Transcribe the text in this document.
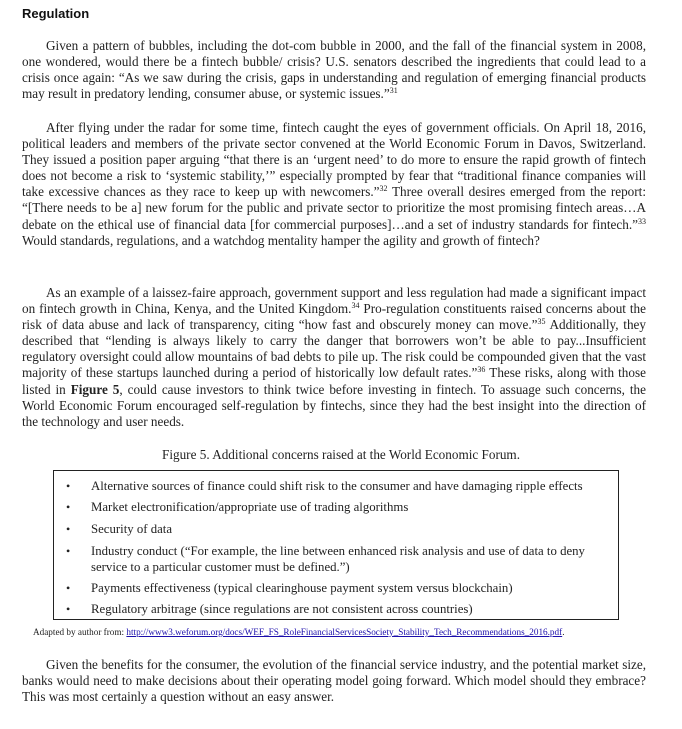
Regulation

Given a pattern of bubbles, including the dot-com bubble in 2000, and the fall of the financial system in 2008, one wondered, would there be a fintech bubble/ crisis? U.S. senators described the ingredients that could lead to a crisis once again: “As we saw during the crisis, gaps in understanding and regulation of emerging financial products may result in predatory lending, consumer abuse, or systemic issues.”$^{31}$

After flying under the radar for some time, fintech caught the eyes of government officials. On April 18, 2016, political leaders and members of the private sector convened at the World Economic Forum in Davos, Switzerland. They issued a position paper arguing “that there is an ‘urgent need’ to do more to ensure the rapid growth of fintech does not become a risk to ‘systemic stability,’” especially prompted by fear that “traditional finance companies will take excessive chances as they race to keep up with newcomers.”$^{32}$ Three overall desires emerged from the report: “[There needs to be a] new forum for the public and private sector to prioritize the most promising fintech areas…A debate on the ethical use of financial data [for commercial purposes]…and a set of industry standards for fintech.”$^{33}$ Would standards, regulations, and a watchdog mentality hamper the agility and growth of fintech?

As an example of a laissez-faire approach, government support and less regulation had made a significant impact on fintech growth in China, Kenya, and the United Kingdom.$^{34}$ Pro-regulation constituents raised concerns about the risk of data abuse and lack of transparency, citing “how fast and obscurely money can move.”$^{35}$ Additionally, they described that “lending is always likely to carry the danger that borrowers won’t be able to pay...Insufficient regulatory oversight could allow mountains of bad debts to pile up. The risk could be compounded given that the vast majority of these startups launched during a period of historically low default rates.”$^{36}$ These risks, along with those listed in Figure 5, could cause investors to think twice before investing in fintech. To assuage such concerns, the World Economic Forum encouraged self-regulation by fintechs, since they had the best insight into the direction of the technology and user needs.

Figure 5. Additional concerns raised at the World Economic Forum.
• Alternative sources of finance could shift risk to the consumer and have damaging ripple effects
• Market electronification/appropriate use of trading algorithms
• Security of data
• Industry conduct (“For example, the line between enhanced risk analysis and use of data to deny service to a particular customer must be defined.”)
• Payments effectiveness (typical clearinghouse payment system versus blockchain)
• Regulatory arbitrage (since regulations are not consistent across countries)
Adapted by author from: http://www3.weforum.org/docs/WEF_FS_RoleFinancialServicesSociety_Stability_Tech_Recommendations_2016.pdf.

Given the benefits for the consumer, the evolution of the financial service industry, and the potential market size, banks would need to make decisions about their operating model going forward. Which model should they embrace? This was most certainly a question without an easy answer.
